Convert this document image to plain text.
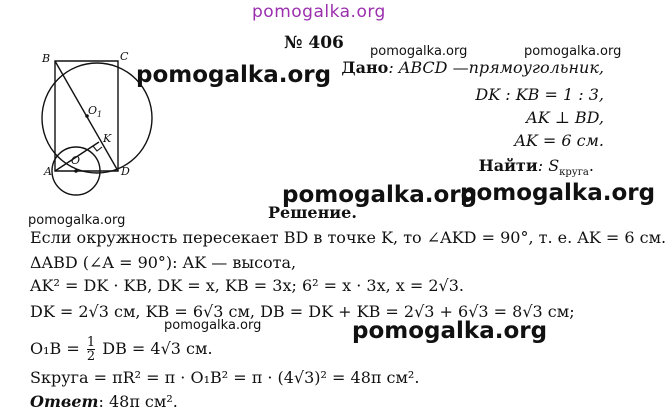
pomogalka.org
№ 406 pomogalka.org	pomogalka.org
pomogalka.org
pomogalka.org
pomogalka.org
pomogalka.org
pomogalka.org	pomogalka.org
B	C
$O_1$
K
O
A	D
Дано: ABCD —прямоугольник,
DK : KB = 1 : 3,
AK ⊥ BD,
AK = 6 см.
Найти: $S_{круга}$.
Решение.
Если окружность пересекает BD в точке K, то ∠AKD = 90°, т. е. AK = 6 см.
ΔABD (∠A = 90°): AK — высота,
AK² = DK · KB, DK = x, KB = 3x; 6² = x · 3x, x = 2√3.
DK = 2√3 см, KB = 6√3 см, DB = DK + KB = 2√3 + 6√3 = 8√3 см;
$O_1B = \frac{1}{2}$ DB = 4√3 см.
Sкруга = πR² = π · O₁B² = π · (4√3)² = 48π см².
Ответ: 48π см².
